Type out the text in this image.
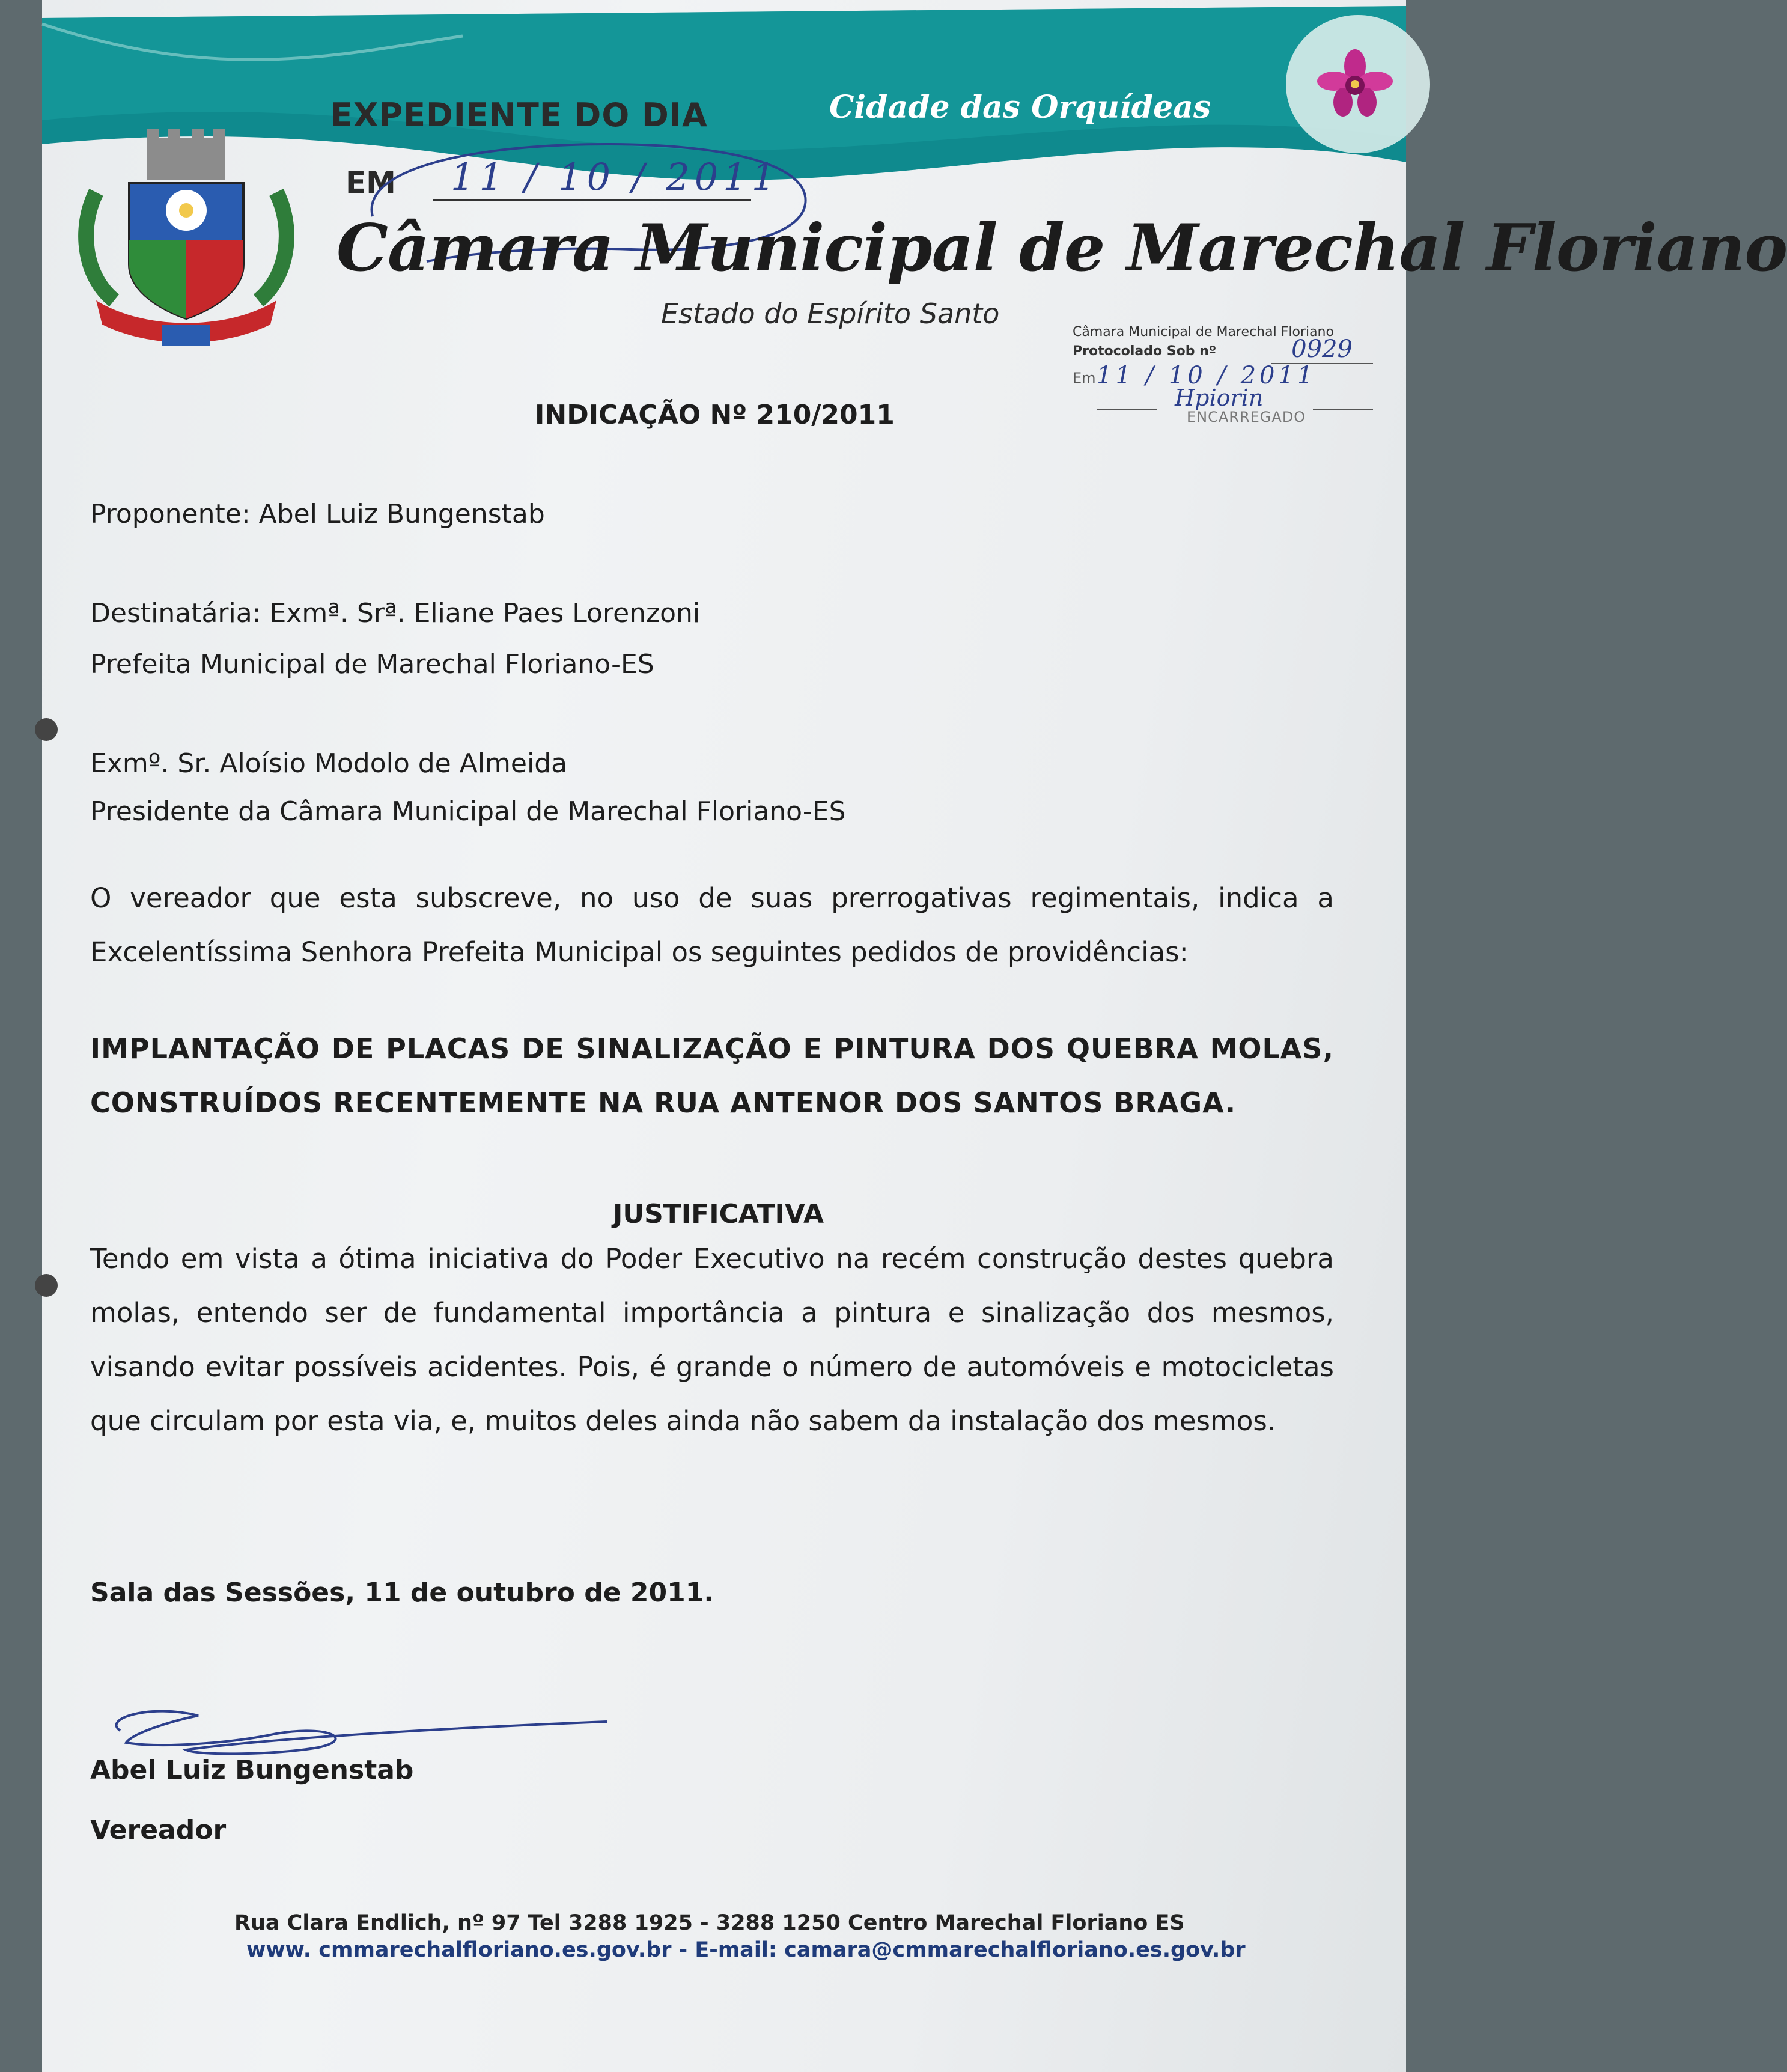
EXPEDIENTE DO DIA

EM	11 / 10 / 2011

Cidade das Orquídeas

Câmara Municipal de Marechal Floriano

Estado do Espírito Santo

Câmara Municipal de Marechal Floriano

Protocolado Sob nº	0929

Em 11 / 10 / 2011

Hpiorin

ENCARREGADO

INDICAÇÃO Nº 210/2011

Proponente: Abel Luiz Bungenstab

Destinatária: Exmª. Srª. Eliane Paes Lorenzoni

Prefeita Municipal de Marechal Floriano-ES

Exmº. Sr. Aloísio Modolo de Almeida

Presidente da Câmara Municipal de Marechal Floriano-ES

O vereador que esta subscreve, no uso de suas prerrogativas regimentais, indica a Excelentíssima Senhora Prefeita Municipal os seguintes pedidos de providências:

IMPLANTAÇÃO DE PLACAS DE SINALIZAÇÃO E PINTURA DOS QUEBRA MOLAS, CONSTRUÍDOS RECENTEMENTE NA RUA ANTENOR DOS SANTOS BRAGA.

JUSTIFICATIVA

Tendo em vista a ótima iniciativa do Poder Executivo na recém construção destes quebra molas, entendo ser de fundamental importância a pintura e sinalização dos mesmos, visando evitar possíveis acidentes. Pois, é grande o número de automóveis e motocicletas que circulam por esta via, e, muitos deles ainda não sabem da instalação dos mesmos.

Sala das Sessões, 11 de outubro de 2011.

Abel Luiz Bungenstab

Vereador

Rua Clara Endlich, nº 97 Tel 3288 1925 - 3288 1250 Centro Marechal Floriano ES

www. cmmarechalfloriano.es.gov.br - E-mail: camara@cmmarechalfloriano.es.gov.br
